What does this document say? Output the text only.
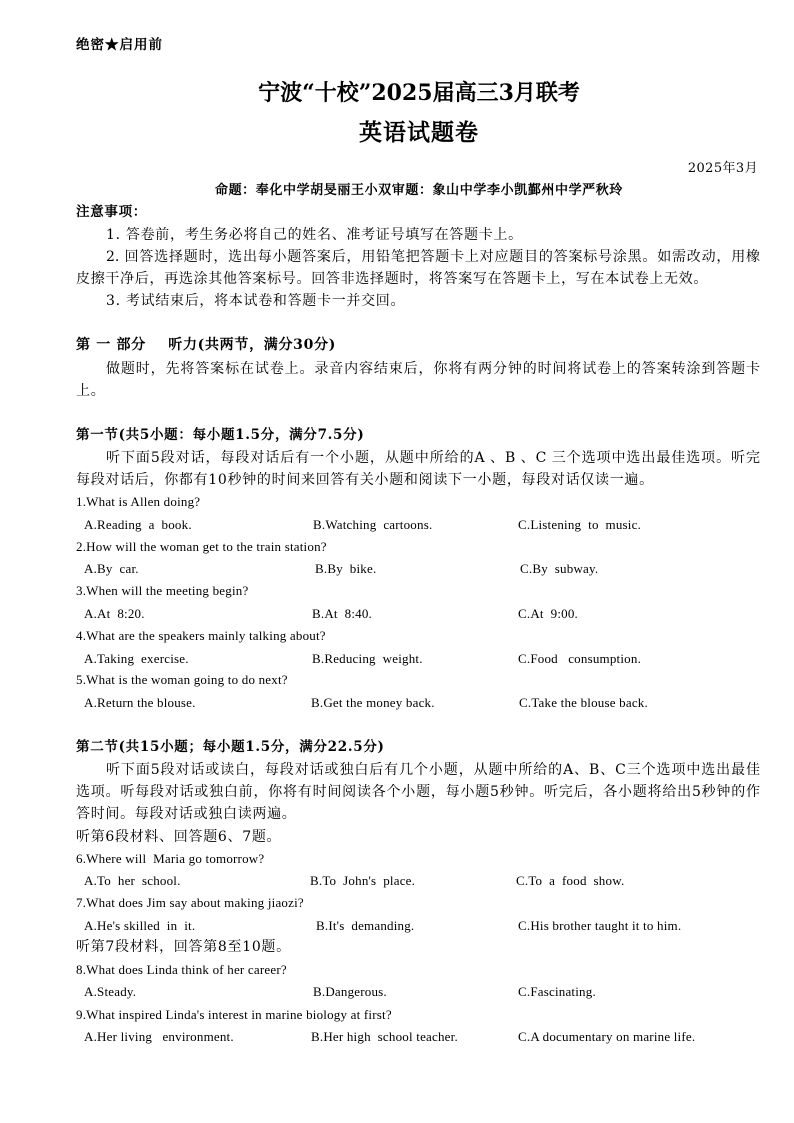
绝密★启用前
宁波“十校”2025届高三3月联考
英语试题卷
2025年3月
命题：奉化中学胡旻丽王小双审题：象山中学李小凯鄞州中学严秋玲
注意事项：
1. 答卷前，考生务必将自己的姓名、准考证号填写在答题卡上。
2. 回答选择题时，选出每小题答案后，用铅笔把答题卡上对应题目的答案标号涂黑。如需改动，用橡
皮擦干净后，再选涂其他答案标号。回答非选择题时，将答案写在答题卡上，写在本试卷上无效。
3. 考试结束后，将本试卷和答题卡一并交回。
第 一 部分    听力(共两节，满分30分)
做题时，先将答案标在试卷上。录音内容结束后，你将有两分钟的时间将试卷上的答案转涂到答题卡
上。
第一节(共5小题：每小题1.5分，满分7.5分)
听下面5段对话，每段对话后有一个小题，从题中所给的A 、B 、C 三个选项中选出最佳选项。听完
每段对话后，你都有10秒钟的时间来回答有关小题和阅读下一小题，每段对话仅读一遍。
1.What is Allen doing?
A.Reading  a  book.	B.Watching  cartoons.	C.Listening  to  music.
2.How will the woman get to the train station?
A.By  car.	B.By  bike.	C.By  subway.
3.When will the meeting begin?
A.At  8:20.	B.At  8:40.	C.At  9:00.
4.What are the speakers mainly talking about?
A.Taking  exercise.	B.Reducing  weight.	C.Food   consumption.
5.What is the woman going to do next?
A.Return the blouse.	B.Get the money back.	C.Take the blouse back.
第二节(共15小题；每小题1.5分，满分22.5分)
听下面5段对话或读白，每段对话或独白后有几个小题，从题中所给的A、B、C三个选项中选出最佳
选项。听每段对话或独白前，你将有时间阅读各个小题，每小题5秒钟。听完后，各小题将给出5秒钟的作
答时间。每段对话或独白读两遍。
听第6段材料、回答题6、7题。
6.Where will  Maria go tomorrow?
A.To  her  school.	B.To  John's  place.	C.To  a  food  show.
7.What does Jim say about making jiaozi?
A.He's skilled  in  it.	B.It's  demanding.	C.His brother taught it to him.
听第7段材料，回答第8至10题。
8.What does Linda think of her career?
A.Steady.	B.Dangerous.	C.Fascinating.
9.What inspired Linda's interest in marine biology at first?
A.Her living   environment.	B.Her high  school teacher.	C.A documentary on marine life.
